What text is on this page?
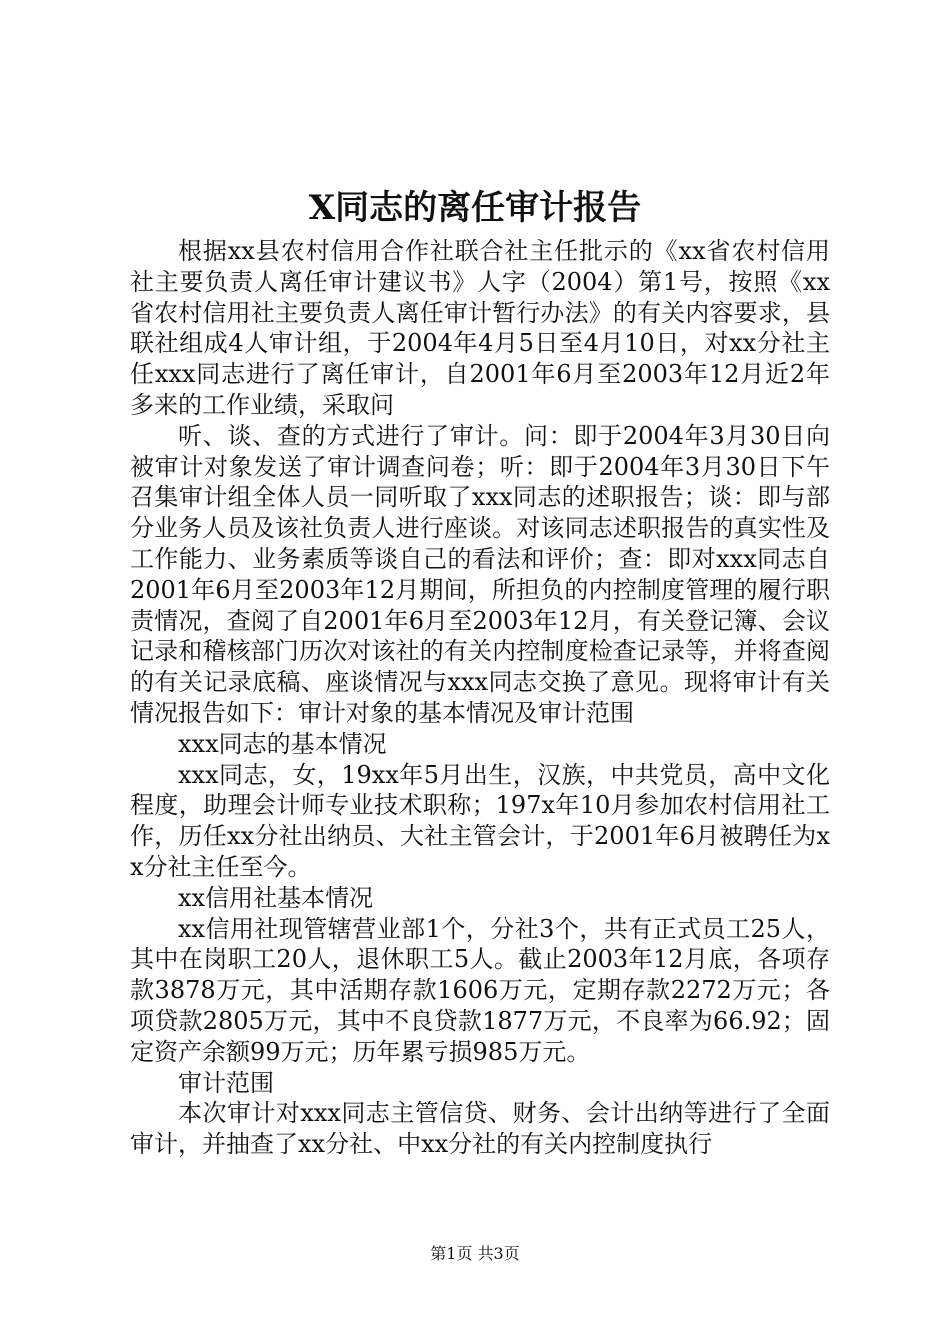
X同志的离任审计报告

根据xx县农村信用合作社联合社主任批示的《xx省农村信用社主要负责人离任审计建议书》人字（2004）第1号，按照《xx省农村信用社主要负责人离任审计暂行办法》的有关内容要求，县联社组成4人审计组，于2004年4月5日至4月10日，对xx分社主任xxx同志进行了离任审计，自2001年6月至2003年12月近2年多来的工作业绩，采取问

听、谈、查的方式进行了审计。问：即于2004年3月30日向被审计对象发送了审计调查问卷；听：即于2004年3月30日下午召集审计组全体人员一同听取了xxx同志的述职报告；谈：即与部分业务人员及该社负责人进行座谈。对该同志述职报告的真实性及工作能力、业务素质等谈自己的看法和评价；查：即对xxx同志自2001年6月至2003年12月期间，所担负的内控制度管理的履行职责情况，查阅了自2001年6月至2003年12月，有关登记簿、会议记录和稽核部门历次对该社的有关内控制度检查记录等，并将查阅的有关记录底稿、座谈情况与xxx同志交换了意见。现将审计有关情况报告如下：审计对象的基本情况及审计范围

xxx同志的基本情况

xxx同志，女，19xx年5月出生，汉族，中共党员，高中文化程度，助理会计师专业技术职称；197x年10月参加农村信用社工作，历任xx分社出纳员、大社主管会计，于2001年6月被聘任为xx分社主任至今。

xx信用社基本情况

xx信用社现管辖营业部1个，分社3个，共有正式员工25人，其中在岗职工20人，退休职工5人。截止2003年12月底，各项存款3878万元，其中活期存款1606万元，定期存款2272万元；各项贷款2805万元，其中不良贷款1877万元，不良率为66.92；固定资产余额99万元；历年累亏损985万元。

审计范围

本次审计对xxx同志主管信贷、财务、会计出纳等进行了全面审计，并抽查了xx分社、中xx分社的有关内控制度执行

第1页 共3页
